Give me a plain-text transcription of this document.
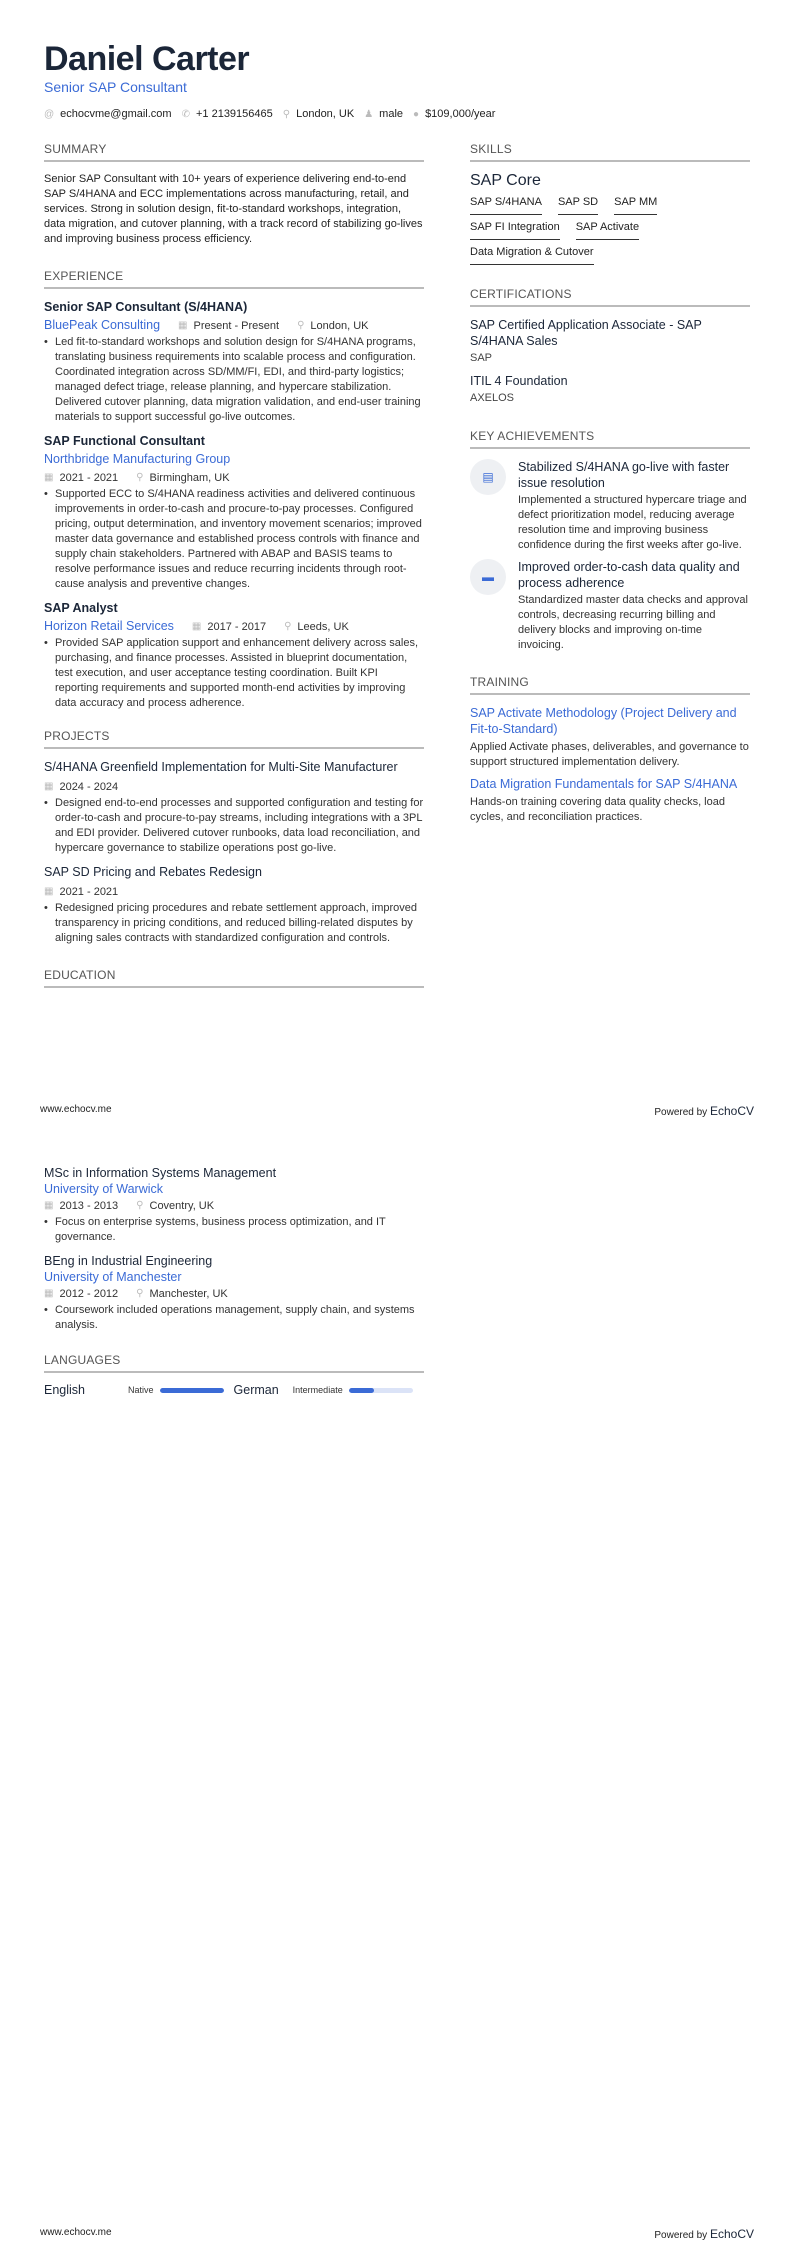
Daniel Carter
Senior SAP Consultant
@ echocvme@gmail.com ✆ +1 2139156465 ⚲ London, UK ♟ male ● $109,000/year
SUMMARY
Senior SAP Consultant with 10+ years of experience delivering end-to-end SAP S/4HANA and ECC implementations across manufacturing, retail, and services. Strong in solution design, fit-to-standard workshops, integration, data migration, and cutover planning, with a track record of stabilizing go-lives and improving business process efficiency.
EXPERIENCE
Senior SAP Consultant (S/4HANA)
BluePeak Consulting ▦ Present - Present ⚲ London, UK
• Led fit-to-standard workshops and solution design for S/4HANA programs, translating business requirements into scalable process and configuration. Coordinated integration across SD/MM/FI, EDI, and third-party logistics; managed defect triage, release planning, and hypercare stabilization. Delivered cutover planning, data migration validation, and end-user training materials to support successful go-live outcomes.
SAP Functional Consultant
Northbridge Manufacturing Group
▦ 2021 - 2021 ⚲ Birmingham, UK
• Supported ECC to S/4HANA readiness activities and delivered continuous improvements in order-to-cash and procure-to-pay processes. Configured pricing, output determination, and inventory movement scenarios; improved master data governance and established process controls with finance and supply chain stakeholders. Partnered with ABAP and BASIS teams to resolve performance issues and reduce recurring incidents through root-cause analysis and preventive changes.
SAP Analyst
Horizon Retail Services ▦ 2017 - 2017 ⚲ Leeds, UK
• Provided SAP application support and enhancement delivery across sales, purchasing, and finance processes. Assisted in blueprint documentation, test execution, and user acceptance testing coordination. Built KPI reporting requirements and supported month-end activities by improving data accuracy and process adherence.
PROJECTS
S/4HANA Greenfield Implementation for Multi-Site Manufacturer
▦ 2024 - 2024
• Designed end-to-end processes and supported configuration and testing for order-to-cash and procure-to-pay streams, including integrations with a 3PL and EDI provider. Delivered cutover runbooks, data load reconciliation, and hypercare governance to stabilize operations post go-live.
SAP SD Pricing and Rebates Redesign
▦ 2021 - 2021
• Redesigned pricing procedures and rebate settlement approach, improved transparency in pricing conditions, and reduced billing-related disputes by aligning sales contracts with standardized configuration and controls.
EDUCATION
SKILLS
SAP Core
SAP S/4HANA SAP SD SAP MM
SAP FI Integration SAP Activate
Data Migration & Cutover
CERTIFICATIONS
SAP Certified Application Associate - SAP S/4HANA Sales
SAP
ITIL 4 Foundation
AXELOS
KEY ACHIEVEMENTS
▤
Stabilized S/4HANA go-live with faster issue resolution
Implemented a structured hypercare triage and defect prioritization model, reducing average resolution time and improving business confidence during the first weeks after go-live.
▬
Improved order-to-cash data quality and process adherence
Standardized master data checks and approval controls, decreasing recurring billing and delivery blocks and improving on-time invoicing.
TRAINING
SAP Activate Methodology (Project Delivery and Fit-to-Standard)
Applied Activate phases, deliverables, and governance to support structured implementation delivery.
Data Migration Fundamentals for SAP S/4HANA
Hands-on training covering data quality checks, load cycles, and reconciliation practices.
www.echocv.me	Powered by EchoCV
MSc in Information Systems Management
University of Warwick
▦ 2013 - 2013 ⚲ Coventry, UK
• Focus on enterprise systems, business process optimization, and IT governance.
BEng in Industrial Engineering
University of Manchester
▦ 2012 - 2012 ⚲ Manchester, UK
• Coursework included operations management, supply chain, and systems analysis.
LANGUAGES
English	Native	German Intermediate
www.echocv.me	Powered by EchoCV
